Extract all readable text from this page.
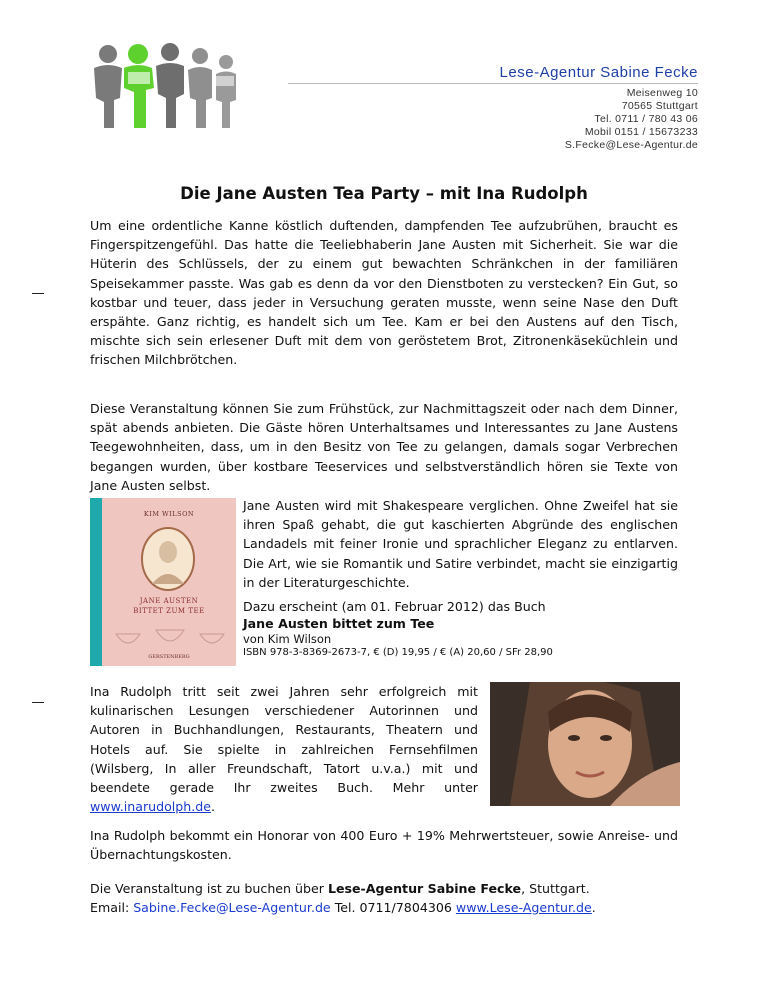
Lese-Agentur Sabine Fecke
Meisenweg 10
70565 Stuttgart
Tel. 0711 / 780 43 06
Mobil 0151 / 15673233
S.Fecke@Lese-Agentur.de
Die Jane Austen Tea Party – mit Ina Rudolph

Um eine ordentliche Kanne köstlich duftenden, dampfenden Tee aufzubrühen, braucht es Fingerspitzengefühl. Das hatte die Teeliebhaberin Jane Austen mit Sicherheit. Sie war die Hüterin des Schlüssels, der zu einem gut bewachten Schränkchen in der familiären Speisekammer passte. Was gab es denn da vor den Dienstboten zu verstecken? Ein Gut, so kostbar und teuer, dass jeder in Versuchung geraten musste, wenn seine Nase den Duft erspähte. Ganz richtig, es handelt sich um Tee. Kam er bei den Austens auf den Tisch, mischte sich sein erlesener Duft mit dem von geröstetem Brot, Zitronenkäseküchlein und frischen Milchbrötchen.

Diese Veranstaltung können Sie zum Frühstück, zur Nachmittagszeit oder nach dem Dinner, spät abends anbieten. Die Gäste hören Unterhaltsames und Interessantes zu Jane Austens Teegewohnheiten, dass, um in den Besitz von Tee zu gelangen, damals sogar Verbrechen begangen wurden, über kostbare Teeservices und selbstverständlich hören sie Texte von Jane Austen selbst.

KIM WILSON
JANE AUSTEN
BITTET ZUM TEE
GERSTENBERG

Jane Austen wird mit Shakespeare verglichen. Ohne Zweifel hat sie ihren Spaß gehabt, die gut kaschierten Abgründe des englischen Landadels mit feiner Ironie und sprachlicher Eleganz zu entlarven. Die Art, wie sie Romantik und Satire verbindet, macht sie einzigartig in der Literaturgeschichte.

Dazu erscheint (am 01. Februar 2012) das Buch
Jane Austen bittet zum Tee
von Kim Wilson
ISBN 978-3-8369-2673-7, € (D) 19,95 / € (A) 20,60 / SFr 28,90

Ina Rudolph tritt seit zwei Jahren sehr erfolgreich mit kulinarischen Lesungen verschiedener Autorinnen und Autoren in Buchhandlungen, Restaurants, Theatern und Hotels auf. Sie spielte in zahlreichen Fernsehfilmen (Wilsberg, In aller Freundschaft, Tatort u.v.a.) mit und beendete gerade Ihr zweites Buch. Mehr unter www.inarudolph.de.

Ina Rudolph bekommt ein Honorar von 400 Euro + 19% Mehrwertsteuer, sowie Anreise- und Übernachtungskosten.

Die Veranstaltung ist zu buchen über Lese-Agentur Sabine Fecke, Stuttgart.
Email: Sabine.Fecke@Lese-Agentur.de Tel. 0711/7804306 www.Lese-Agentur.de.
